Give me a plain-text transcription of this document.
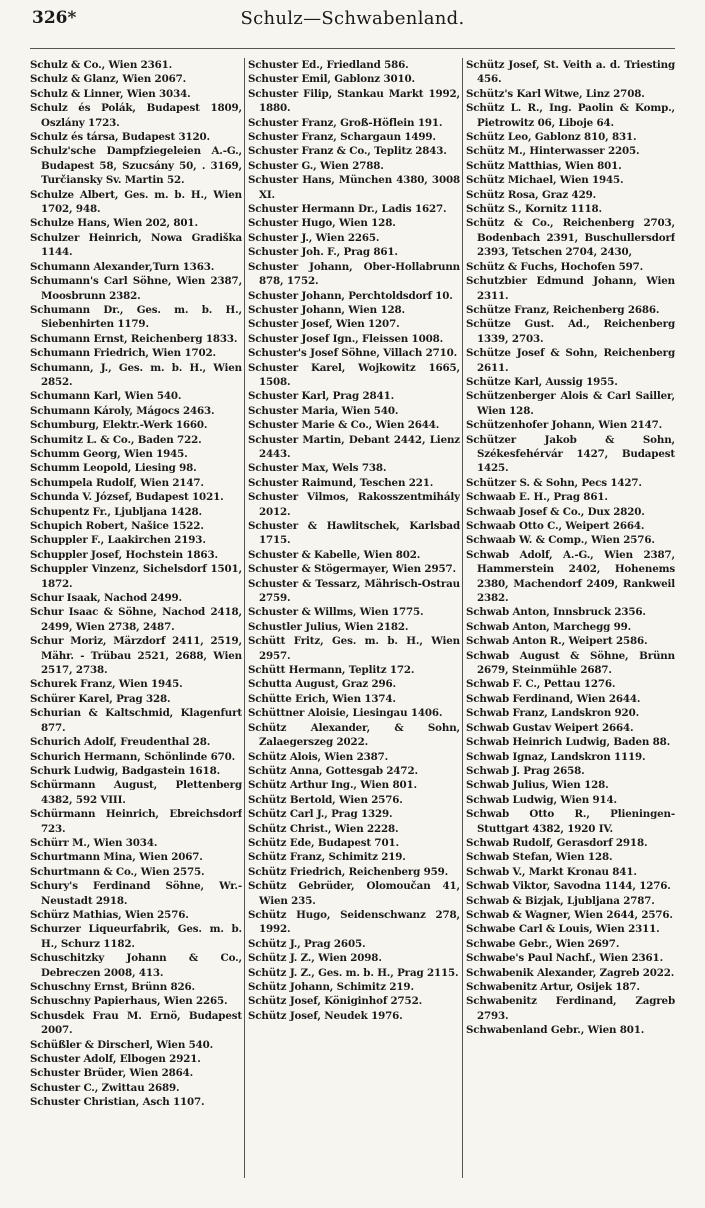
326*	Schulz—Schwabenland.

Schulz & Co., Wien 2361.

Schulz & Glanz, Wien 2067.

Schulz & Linner, Wien 3034.

Schulz és Polák, Budapest 1809, Oszlány 1723.

Schulz és társa, Budapest 3120.

Schulz'sche Dampfziegeleien A.-G., Budapest 58, Szucsány 50, . 3169, Turčiansky Sv. Martin 52.

Schulze Albert, Ges. m. b. H., Wien 1702, 948.

Schulze Hans, Wien 202, 801.

Schulzer Heinrich, Nowa Gradiška 1144.

Schumann Alexander,Turn 1363.

Schumann's Carl Söhne, Wien 2387, Moosbrunn 2382.

Schumann Dr., Ges. m. b. H., Siebenhirten 1179.

Schumann Ernst, Reichenberg 1833.

Schumann Friedrich, Wien 1702.

Schumann, J., Ges. m. b. H., Wien 2852.

Schumann Karl, Wien 540.

Schumann Károly, Mágocs 2463.

Schumburg, Elektr.-Werk 1660.

Schumitz L. & Co., Baden 722.

Schumm Georg, Wien 1945.

Schumm Leopold, Liesing 98.

Schumpela Rudolf, Wien 2147.

Schunda V. József, Budapest 1021.

Schupentz Fr., Ljubljana 1428.

Schupich Robert, Našice 1522.

Schuppler F., Laakirchen 2193.

Schuppler Josef, Hochstein 1863.

Schuppler Vinzenz, Sichelsdorf 1501, 1872.

Schur Isaak, Nachod 2499.

Schur Isaac & Söhne, Nachod 2418, 2499, Wien 2738, 2487.

Schur Moriz, Märzdorf 2411, 2519, Mähr. - Trübau 2521, 2688, Wien 2517, 2738.

Schurek Franz, Wien 1945.

Schürer Karel, Prag 328.

Schurian & Kaltschmid, Klagenfurt 877.

Schurich Adolf, Freudenthal 28.

Schurich Hermann, Schönlinde 670.

Schurk Ludwig, Badgastein 1618.

Schürmann August, Plettenberg 4382, 592 VIII.

Schürmann Heinrich, Ebreichsdorf 723.

Schürr M., Wien 3034.

Schurtmann Mina, Wien 2067.

Schurtmann & Co., Wien 2575.

Schury's Ferdinand Söhne, Wr.-Neustadt 2918.

Schürz Mathias, Wien 2576.

Schurzer Liqueurfabrik, Ges. m. b. H., Schurz 1182.

Schuschitzky Johann & Co., Debreczen 2008, 413.

Schuschny Ernst, Brünn 826.

Schuschny Papierhaus, Wien 2265.

Schusdek Frau M. Ernö, Budapest 2007.

Schüßler & Dirscherl, Wien 540.

Schuster Adolf, Elbogen 2921.

Schuster Brüder, Wien 2864.

Schuster C., Zwittau 2689.

Schuster Christian, Asch 1107.

Schuster Ed., Friedland 586.

Schuster Emil, Gablonz 3010.

Schuster Filip, Stankau Markt 1992, 1880.

Schuster Franz, Groß-Höflein 191.

Schuster Franz, Schargaun 1499.

Schuster Franz & Co., Teplitz 2843.

Schuster G., Wien 2788.

Schuster Hans, München 4380, 3008 XI.

Schuster Hermann Dr., Ladis 1627.

Schuster Hugo, Wien 128.

Schuster J., Wien 2265.

Schuster Joh. F., Prag 861.

Schuster Johann, Ober-Hollabrunn 878, 1752.

Schuster Johann, Perchtoldsdorf 10.

Schuster Johann, Wien 128.

Schuster Josef, Wien 1207.

Schuster Josef Ign., Fleissen 1008.

Schuster's Josef Söhne, Villach 2710.

Schuster Karel, Wojkowitz 1665, 1508.

Schuster Karl, Prag 2841.

Schuster Maria, Wien 540.

Schuster Marie & Co., Wien 2644.

Schuster Martin, Debant 2442, Lienz 2443.

Schuster Max, Wels 738.

Schuster Raimund, Teschen 221.

Schuster Vilmos, Rakosszentmihály 2012.

Schuster & Hawlitschek, Karlsbad 1715.

Schuster & Kabelle, Wien 802.

Schuster & Stögermayer, Wien 2957.

Schuster & Tessarz, Mährisch-Ostrau 2759.

Schuster & Willms, Wien 1775.

Schustler Julius, Wien 2182.

Schütt Fritz, Ges. m. b. H., Wien 2957.

Schütt Hermann, Teplitz 172.

Schutta August, Graz 296.

Schütte Erich, Wien 1374.

Schüttner Aloisie, Liesingau 1406.

Schütz Alexander, & Sohn, Zalaegerszeg 2022.

Schütz Alois, Wien 2387.

Schütz Anna, Gottesgab 2472.

Schütz Arthur Ing., Wien 801.

Schütz Bertold, Wien 2576.

Schütz Carl J., Prag 1329.

Schütz Christ., Wien 2228.

Schütz Ede, Budapest 701.

Schütz Franz, Schimitz 219.

Schütz Friedrich, Reichenberg 959.

Schütz Gebrüder, Olomoučan 41, Wien 235.

Schütz Hugo, Seidenschwanz 278, 1992.

Schütz J., Prag 2605.

Schütz J. Z., Wien 2098.

Schütz J. Z., Ges. m. b. H., Prag 2115.

Schütz Johann, Schimitz 219.

Schütz Josef, Königinhof 2752.

Schütz Josef, Neudek 1976.

Schütz Josef, St. Veith a. d. Triesting 456.

Schütz's Karl Witwe, Linz 2708.

Schütz L. R., Ing. Paolin & Komp., Pietrowitz 06, Liboje 64.

Schütz Leo, Gablonz 810, 831.

Schütz M., Hinterwasser 2205.

Schütz Matthias, Wien 801.

Schütz Michael, Wien 1945.

Schütz Rosa, Graz 429.

Schütz S., Kornitz 1118.

Schütz & Co., Reichenberg 2703, Bodenbach 2391, Buschullersdorf 2393, Tetschen 2704, 2430,

Schütz & Fuchs, Hochofen 597.

Schutzbier Edmund Johann, Wien 2311.

Schütze Franz, Reichenberg 2686.

Schütze Gust. Ad., Reichenberg 1339, 2703.

Schütze Josef & Sohn, Reichenberg 2611.

Schütze Karl, Aussig 1955.

Schützenberger Alois & Carl Sailler, Wien 128.

Schützenhofer Johann, Wien 2147.

Schützer Jakob & Sohn, Székesfehérvár 1427, Budapest 1425.

Schützer S. & Sohn, Pecs 1427.

Schwaab E. H., Prag 861.

Schwaab Josef & Co., Dux 2820.

Schwaab Otto C., Weipert 2664.

Schwaab W. & Comp., Wien 2576.

Schwab Adolf, A.-G., Wien 2387, Hammerstein 2402, Hohenems 2380, Machendorf 2409, Rankweil 2382.

Schwab Anton, Innsbruck 2356.

Schwab Anton, Marchegg 99.

Schwab Anton R., Weipert 2586.

Schwab August & Söhne, Brünn 2679, Steinmühle 2687.

Schwab F. C., Pettau 1276.

Schwab Ferdinand, Wien 2644.

Schwab Franz, Landskron 920.

Schwab Gustav Weipert 2664.

Schwab Heinrich Ludwig, Baden 88.

Schwab Ignaz, Landskron 1119.

Schwab J. Prag 2658.

Schwab Julius, Wien 128.

Schwab Ludwig, Wien 914.

Schwab Otto R., Plieningen-Stuttgart 4382, 1920 IV.

Schwab Rudolf, Gerasdorf 2918.

Schwab Stefan, Wien 128.

Schwab V., Markt Kronau 841.

Schwab Viktor, Savodna 1144, 1276.

Schwab & Bizjak, Ljubljana 2787.

Schwab & Wagner, Wien 2644, 2576.

Schwabe Carl & Louis, Wien 2311.

Schwabe Gebr., Wien 2697.

Schwabe's Paul Nachf., Wien 2361.

Schwabenik Alexander, Zagreb 2022.

Schwabenitz Artur, Osijek 187.

Schwabenitz Ferdinand, Zagreb 2793.

Schwabenland Gebr., Wien 801.
